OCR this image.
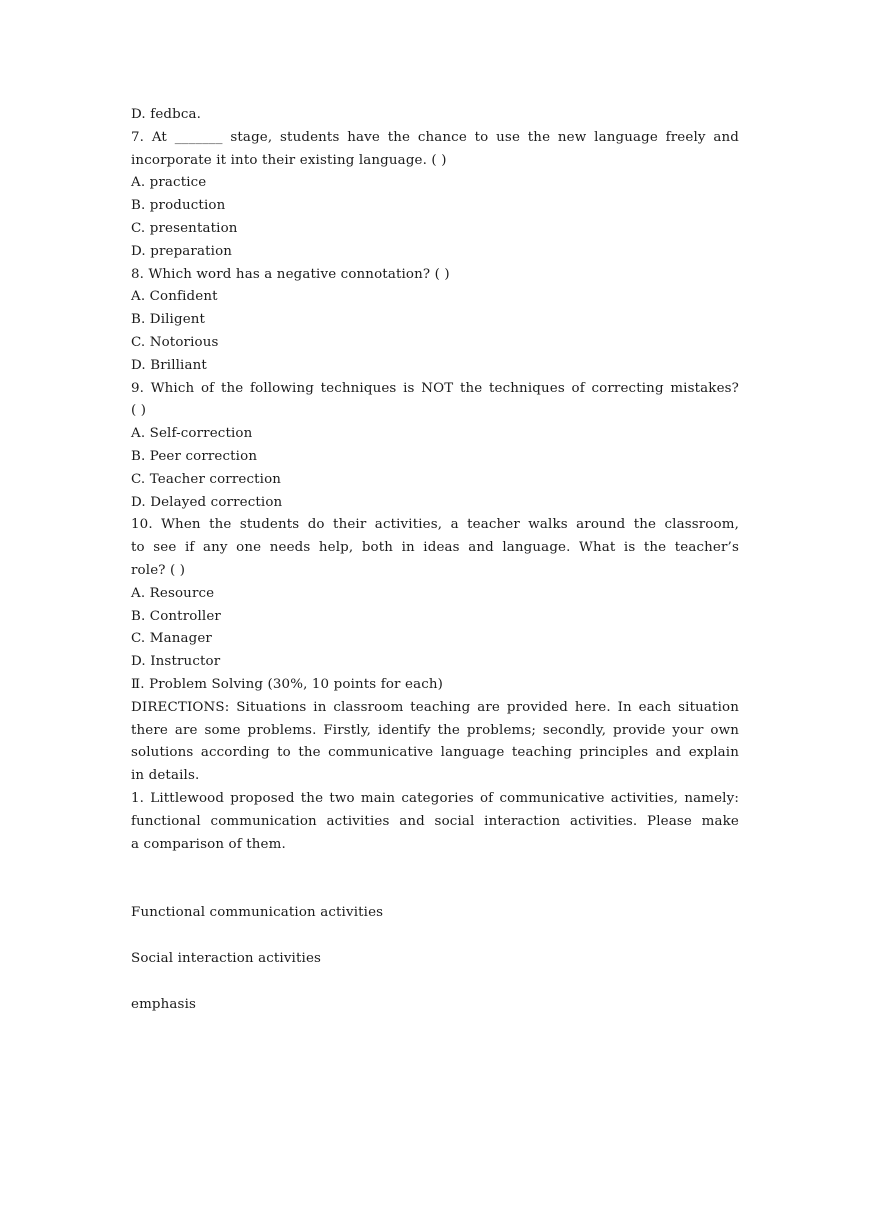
D. fedbca.

7. At _______ stage, students have the chance to use the new language freely and

incorporate it into their existing language. ( )

A. practice

B. production

C. presentation

D. preparation

8. Which word has a negative connotation? ( )

A. Confident

B. Diligent

C. Notorious

D. Brilliant

9. Which of the following techniques is NOT the techniques of correcting mistakes?

( )

A. Self-correction

B. Peer correction

C. Teacher correction

D. Delayed correction

10. When the students do their activities, a teacher walks around the classroom,

to see if any one needs help, both in ideas and language. What is the teacher’s

role? ( )

A. Resource

B. Controller

C. Manager

D. Instructor

Ⅱ. Problem Solving (30%, 10 points for each)

DIRECTIONS: Situations in classroom teaching are provided here. In each situation

there are some problems. Firstly, identify the problems; secondly, provide your own

solutions according to the communicative language teaching principles and explain

in details.

1. Littlewood proposed the two main categories of communicative activities, namely:

functional communication activities and social interaction activities. Please make

a comparison of them.

Functional communication activities

Social interaction activities

emphasis
